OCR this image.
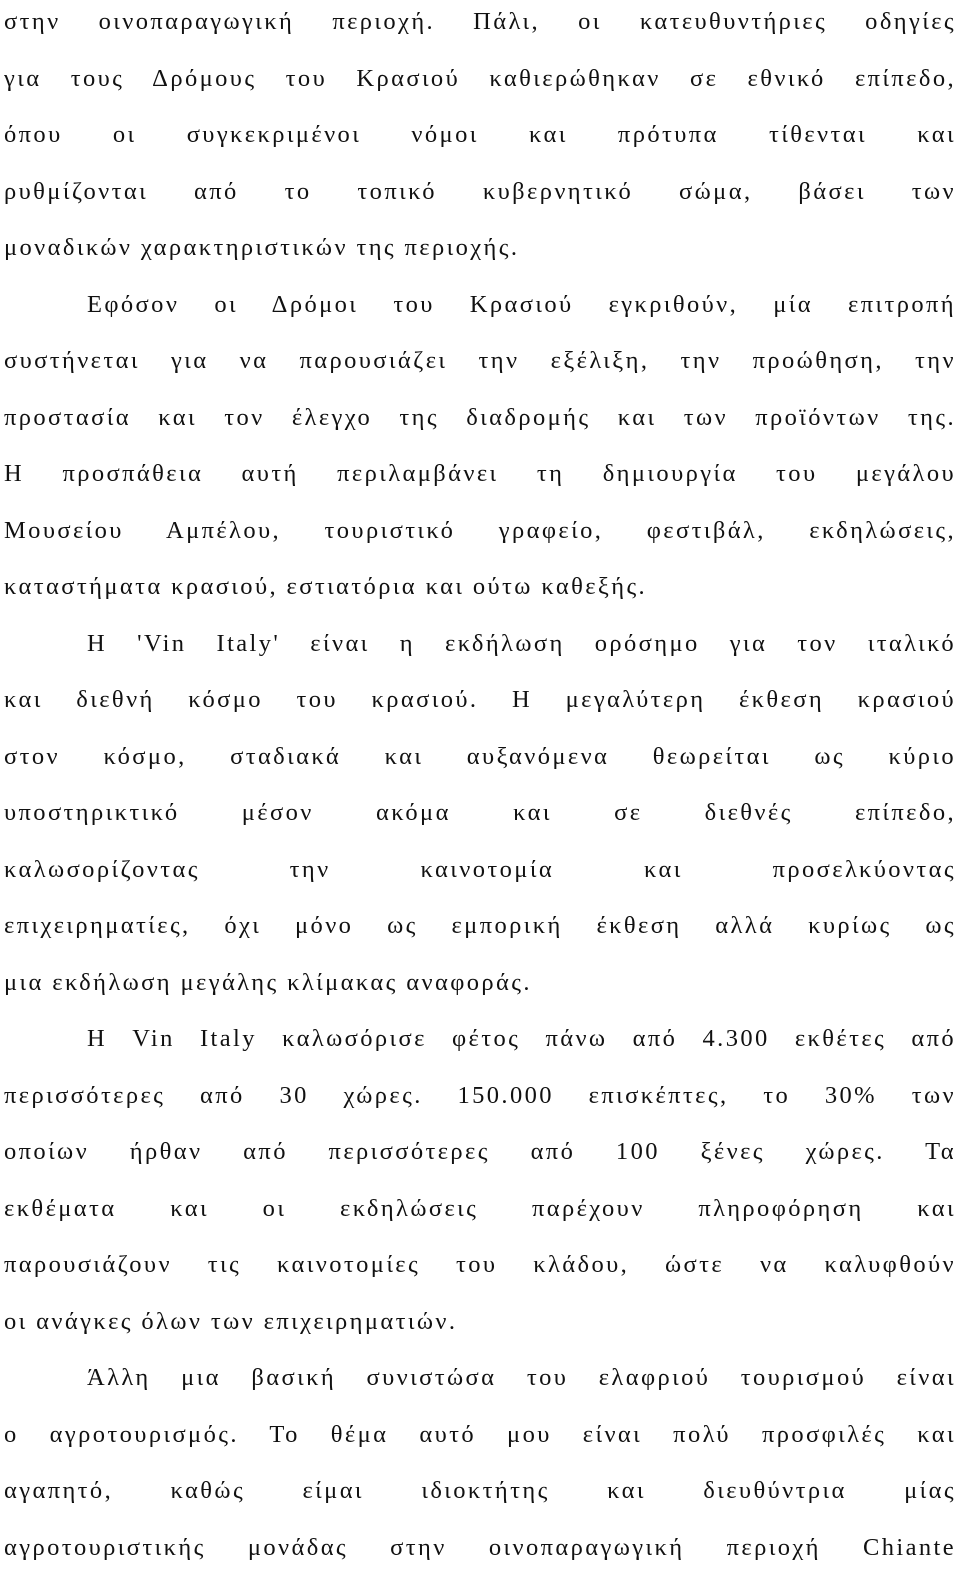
στην οινοπαραγωγική περιοχή. Πάλι, οι κατευθυντήριες οδηγίες
για τους Δρόμους του Κρασιού καθιερώθηκαν σε εθνικό επίπεδο,
όπου οι συγκεκριμένοι νόμοι και πρότυπα τίθενται και
ρυθμίζονται από το τοπικό κυβερνητικό σώμα, βάσει των
μοναδικών χαρακτηριστικών της περιοχής.
Εφόσον οι Δρόμοι του Κρασιού εγκριθούν, μία επιτροπή
συστήνεται για να παρουσιάζει την εξέλιξη, την προώθηση, την
προστασία και τον έλεγχο της διαδρομής και των προϊόντων της.
Η προσπάθεια αυτή περιλαμβάνει τη δημιουργία του μεγάλου
Μουσείου Αμπέλου, τουριστικό γραφείο, φεστιβάλ, εκδηλώσεις,
καταστήματα κρασιού, εστιατόρια και ούτω καθεξής.
Η 'Vin Italy' είναι η εκδήλωση ορόσημο για τον ιταλικό
και διεθνή κόσμο του κρασιού. Η μεγαλύτερη έκθεση κρασιού
στον κόσμο, σταδιακά και αυξανόμενα θεωρείται ως κύριο
υποστηρικτικό μέσον ακόμα και σε διεθνές επίπεδο,
καλωσορίζοντας την καινοτομία και προσελκύοντας
επιχειρηματίες, όχι μόνο ως εμπορική έκθεση αλλά κυρίως ως
μια εκδήλωση μεγάλης κλίμακας αναφοράς.
Η Vin Italy καλωσόρισε φέτος πάνω από 4.300 εκθέτες από
περισσότερες από 30 χώρες. 150.000 επισκέπτες, το 30% των
οποίων ήρθαν από περισσότερες από 100 ξένες χώρες. Τα
εκθέματα και οι εκδηλώσεις παρέχουν πληροφόρηση και
παρουσιάζουν τις καινοτομίες του κλάδου, ώστε να καλυφθούν
οι ανάγκες όλων των επιχειρηματιών.
Άλλη μια βασική συνιστώσα του ελαφριού τουρισμού είναι
ο αγροτουρισμός. Το θέμα αυτό μου είναι πολύ προσφιλές και
αγαπητό, καθώς είμαι ιδιοκτήτης και διευθύντρια μίας
αγροτουριστικής μονάδας στην οινοπαραγωγική περιοχή Chiante
